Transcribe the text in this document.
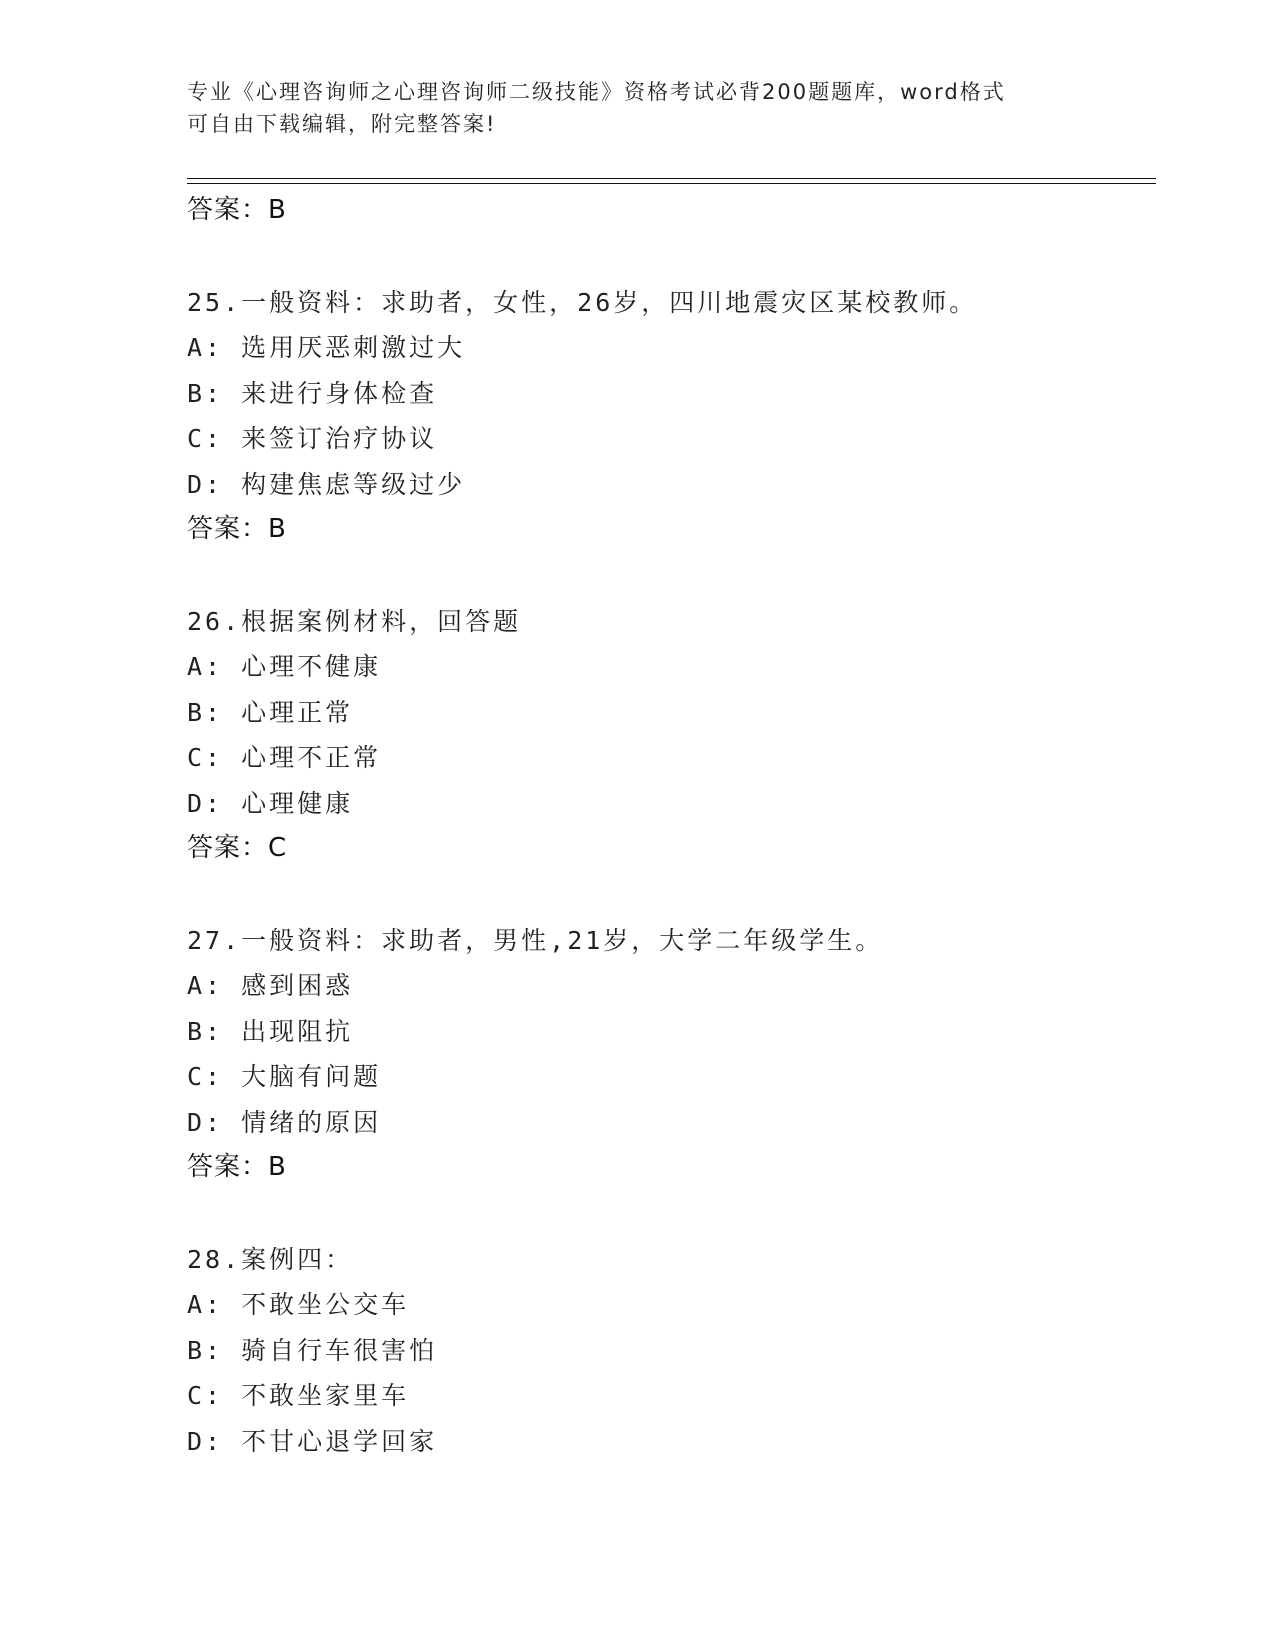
专业《心理咨询师之心理咨询师二级技能》资格考试必背200题题库，word格式
可自由下载编辑，附完整答案!
答案：B
25.一般资料：求助者，女性，26岁，四川地震灾区某校教师。
A: 选用厌恶刺激过大
B: 来进行身体检查
C: 来签订治疗协议
D: 构建焦虑等级过少
答案：B
26.根据案例材料，回答题
A: 心理不健康
B: 心理正常
C: 心理不正常
D: 心理健康
答案：C
27.一般资料：求助者，男性,21岁，大学二年级学生。
A: 感到困惑
B: 出现阻抗
C: 大脑有问题
D: 情绪的原因
答案：B
28.案例四：
A: 不敢坐公交车
B: 骑自行车很害怕
C: 不敢坐家里车
D: 不甘心退学回家
